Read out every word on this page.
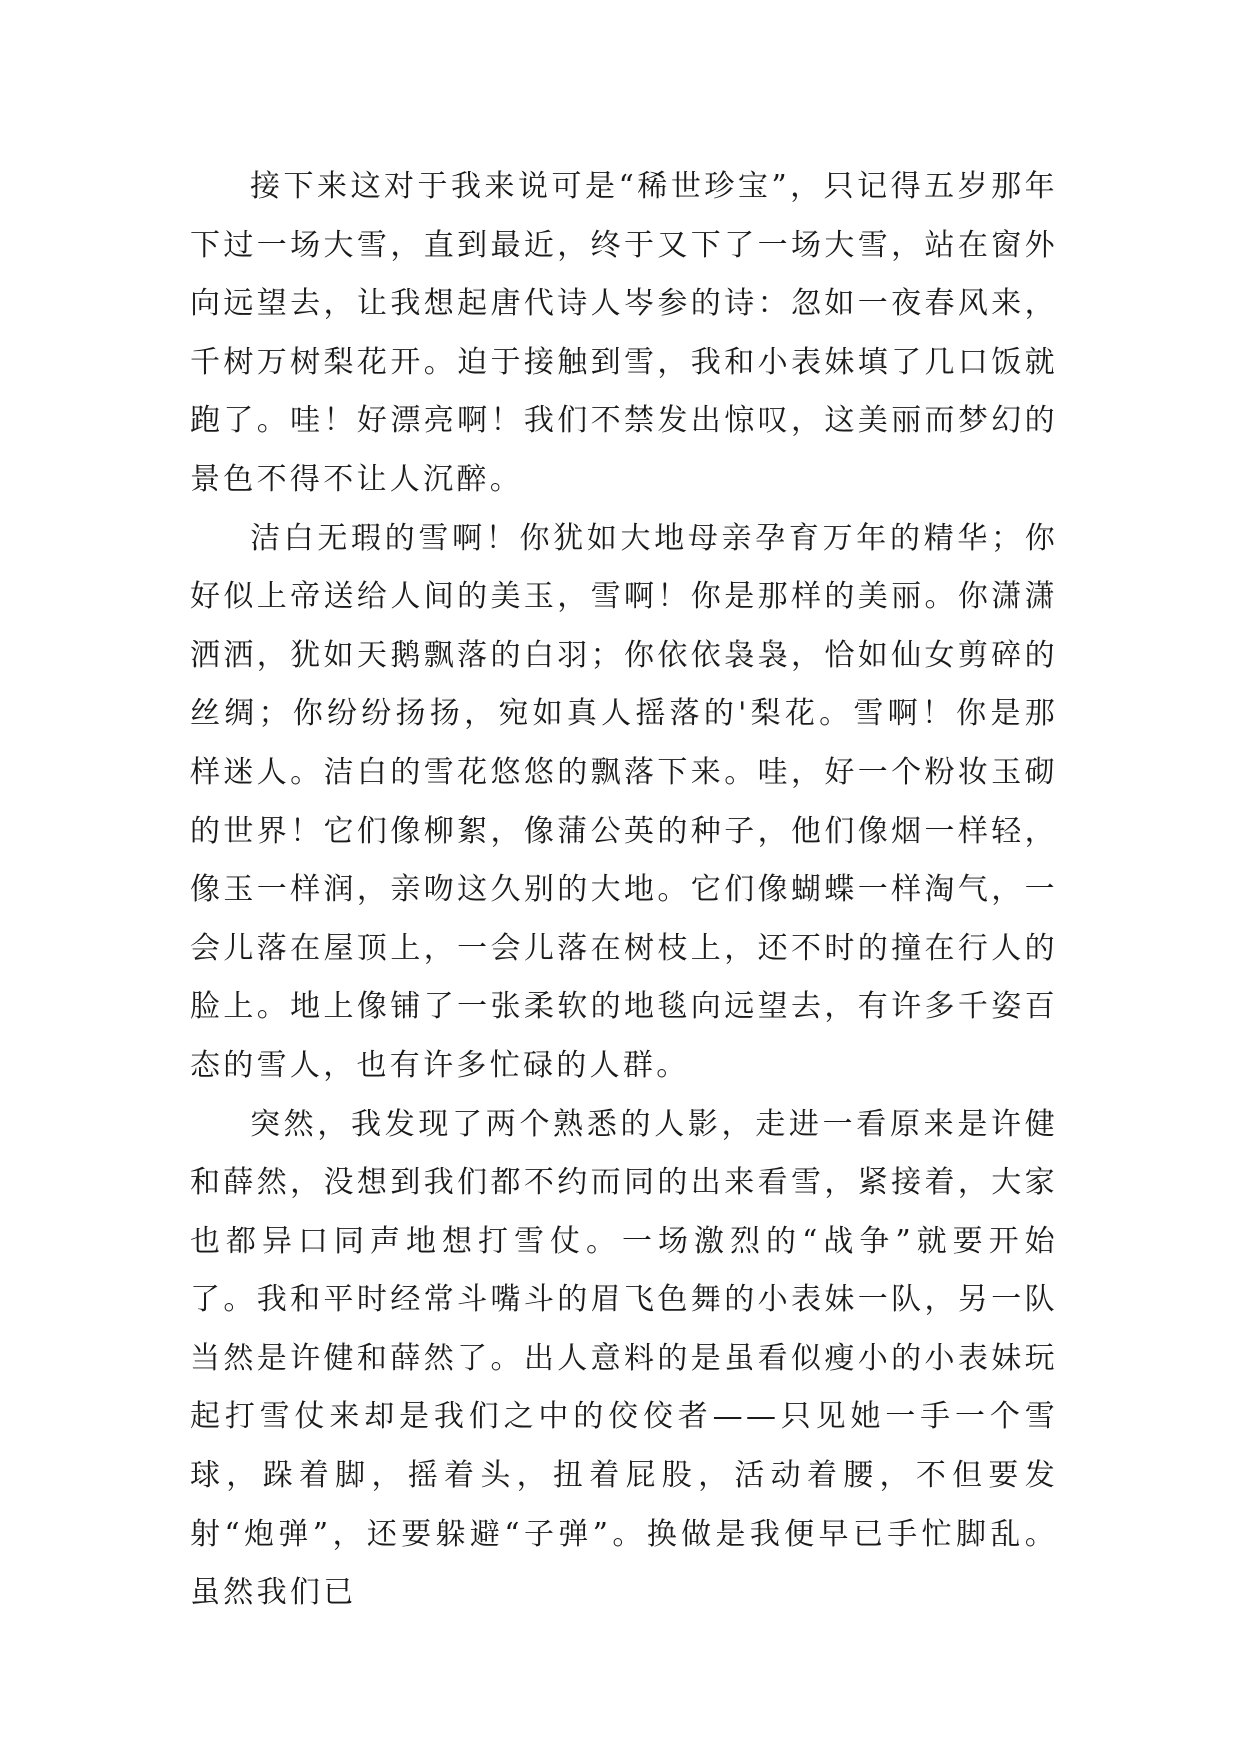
接下来这对于我来说可是“稀世珍宝”，只记得五岁那年下过一场大雪，直到最近，终于又下了一场大雪，站在窗外向远望去，让我想起唐代诗人岑参的诗：忽如一夜春风来，千树万树梨花开。迫于接触到雪，我和小表妹填了几口饭就跑了。哇！好漂亮啊！我们不禁发出惊叹，这美丽而梦幻的景色不得不让人沉醉。

洁白无瑕的雪啊！你犹如大地母亲孕育万年的精华；你好似上帝送给人间的美玉，雪啊！你是那样的美丽。你潇潇洒洒，犹如天鹅飘落的白羽；你依依袅袅，恰如仙女剪碎的丝绸；你纷纷扬扬，宛如真人摇落的'梨花。雪啊！你是那样迷人。洁白的雪花悠悠的飘落下来。哇，好一个粉妆玉砌的世界！它们像柳絮，像蒲公英的种子，他们像烟一样轻，像玉一样润，亲吻这久别的大地。它们像蝴蝶一样淘气，一会儿落在屋顶上，一会儿落在树枝上，还不时的撞在行人的脸上。地上像铺了一张柔软的地毯向远望去，有许多千姿百态的雪人，也有许多忙碌的人群。

突然，我发现了两个熟悉的人影，走进一看原来是许健和薛然，没想到我们都不约而同的出来看雪，紧接着，大家也都异口同声地想打雪仗。一场激烈的“战争”就要开始了。我和平时经常斗嘴斗的眉飞色舞的小表妹一队，另一队当然是许健和薛然了。出人意料的是虽看似瘦小的小表妹玩起打雪仗来却是我们之中的佼佼者——只见她一手一个雪球，跺着脚，摇着头，扭着屁股，活动着腰，不但要发射“炮弹”，还要躲避“子弹”。换做是我便早已手忙脚乱。虽然我们已
